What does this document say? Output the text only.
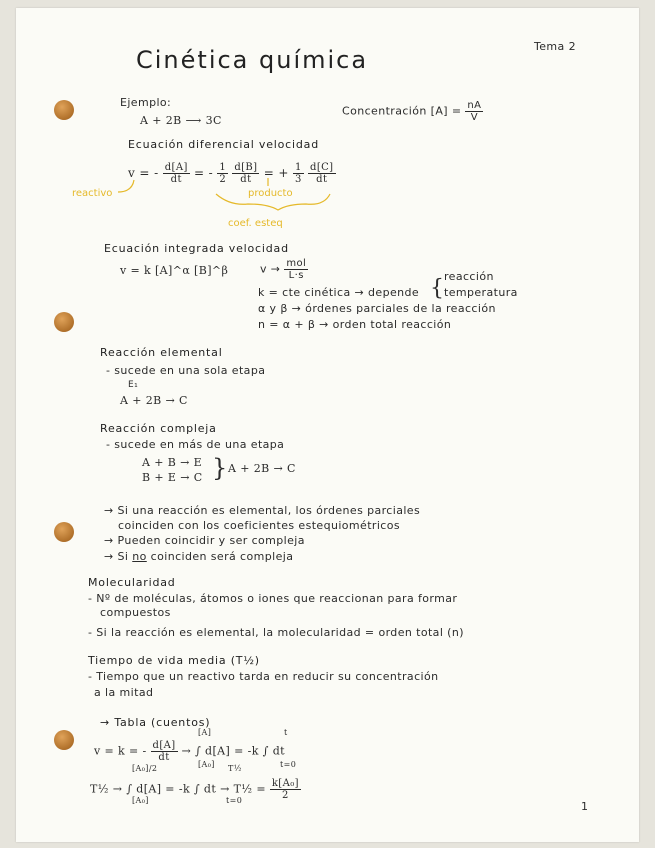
Cinética química	Tema 2
1
Ejemplo:
A + 2B ⟶ 3C
Concentración $[A] = \frac{nA}{V}$
Ecuación diferencial velocidad
v = - $\frac{d[A]}{dt}$ = - $\frac{1}{2}$
$\frac{d[B]}{dt}$ = + $\frac{1}{3}$
$\frac{d[C]}{dt}$
reactivo	producto
coef. esteq
Ecuación integrada velocidad
v = k [A]^α [B]^β	v → mol
L·s
k = cte cinética → depende { reacción
temperatura
α y β → órdenes parciales de la reacción
n = α + β → orden total reacción
Reacción elemental
- sucede en una sola etapa
E₁
A + 2B → C
Reacción compleja
- sucede en más de una etapa
A + B → E
B + E → C } A + 2B → C
→ Si una reacción es elemental, los órdenes parciales
coinciden con los coeficientes estequiométricos
→ Pueden coincidir y ser compleja
→ Si no coinciden será compleja
Molecularidad
- Nº de moléculas, átomos o iones que reaccionan para formar
compuestos
- Si la reacción es elemental, la molecularidad = orden total (n)
Tiempo de vida media (T½)
- Tiempo que un reactivo tarda en reducir su concentración
a la mitad
→ Tabla (cuentos)
v = k = - $\frac{d[A]}{dt}$ → ∫ d[A] = -k ∫ dt
[A]
[A₀]
t
t=0
T½ → ∫ d[A] = -k ∫ dt → T½ = $\frac{\text{k[A₀]}}{2}$
[A₀]/2
[A₀]
T½
t=0
